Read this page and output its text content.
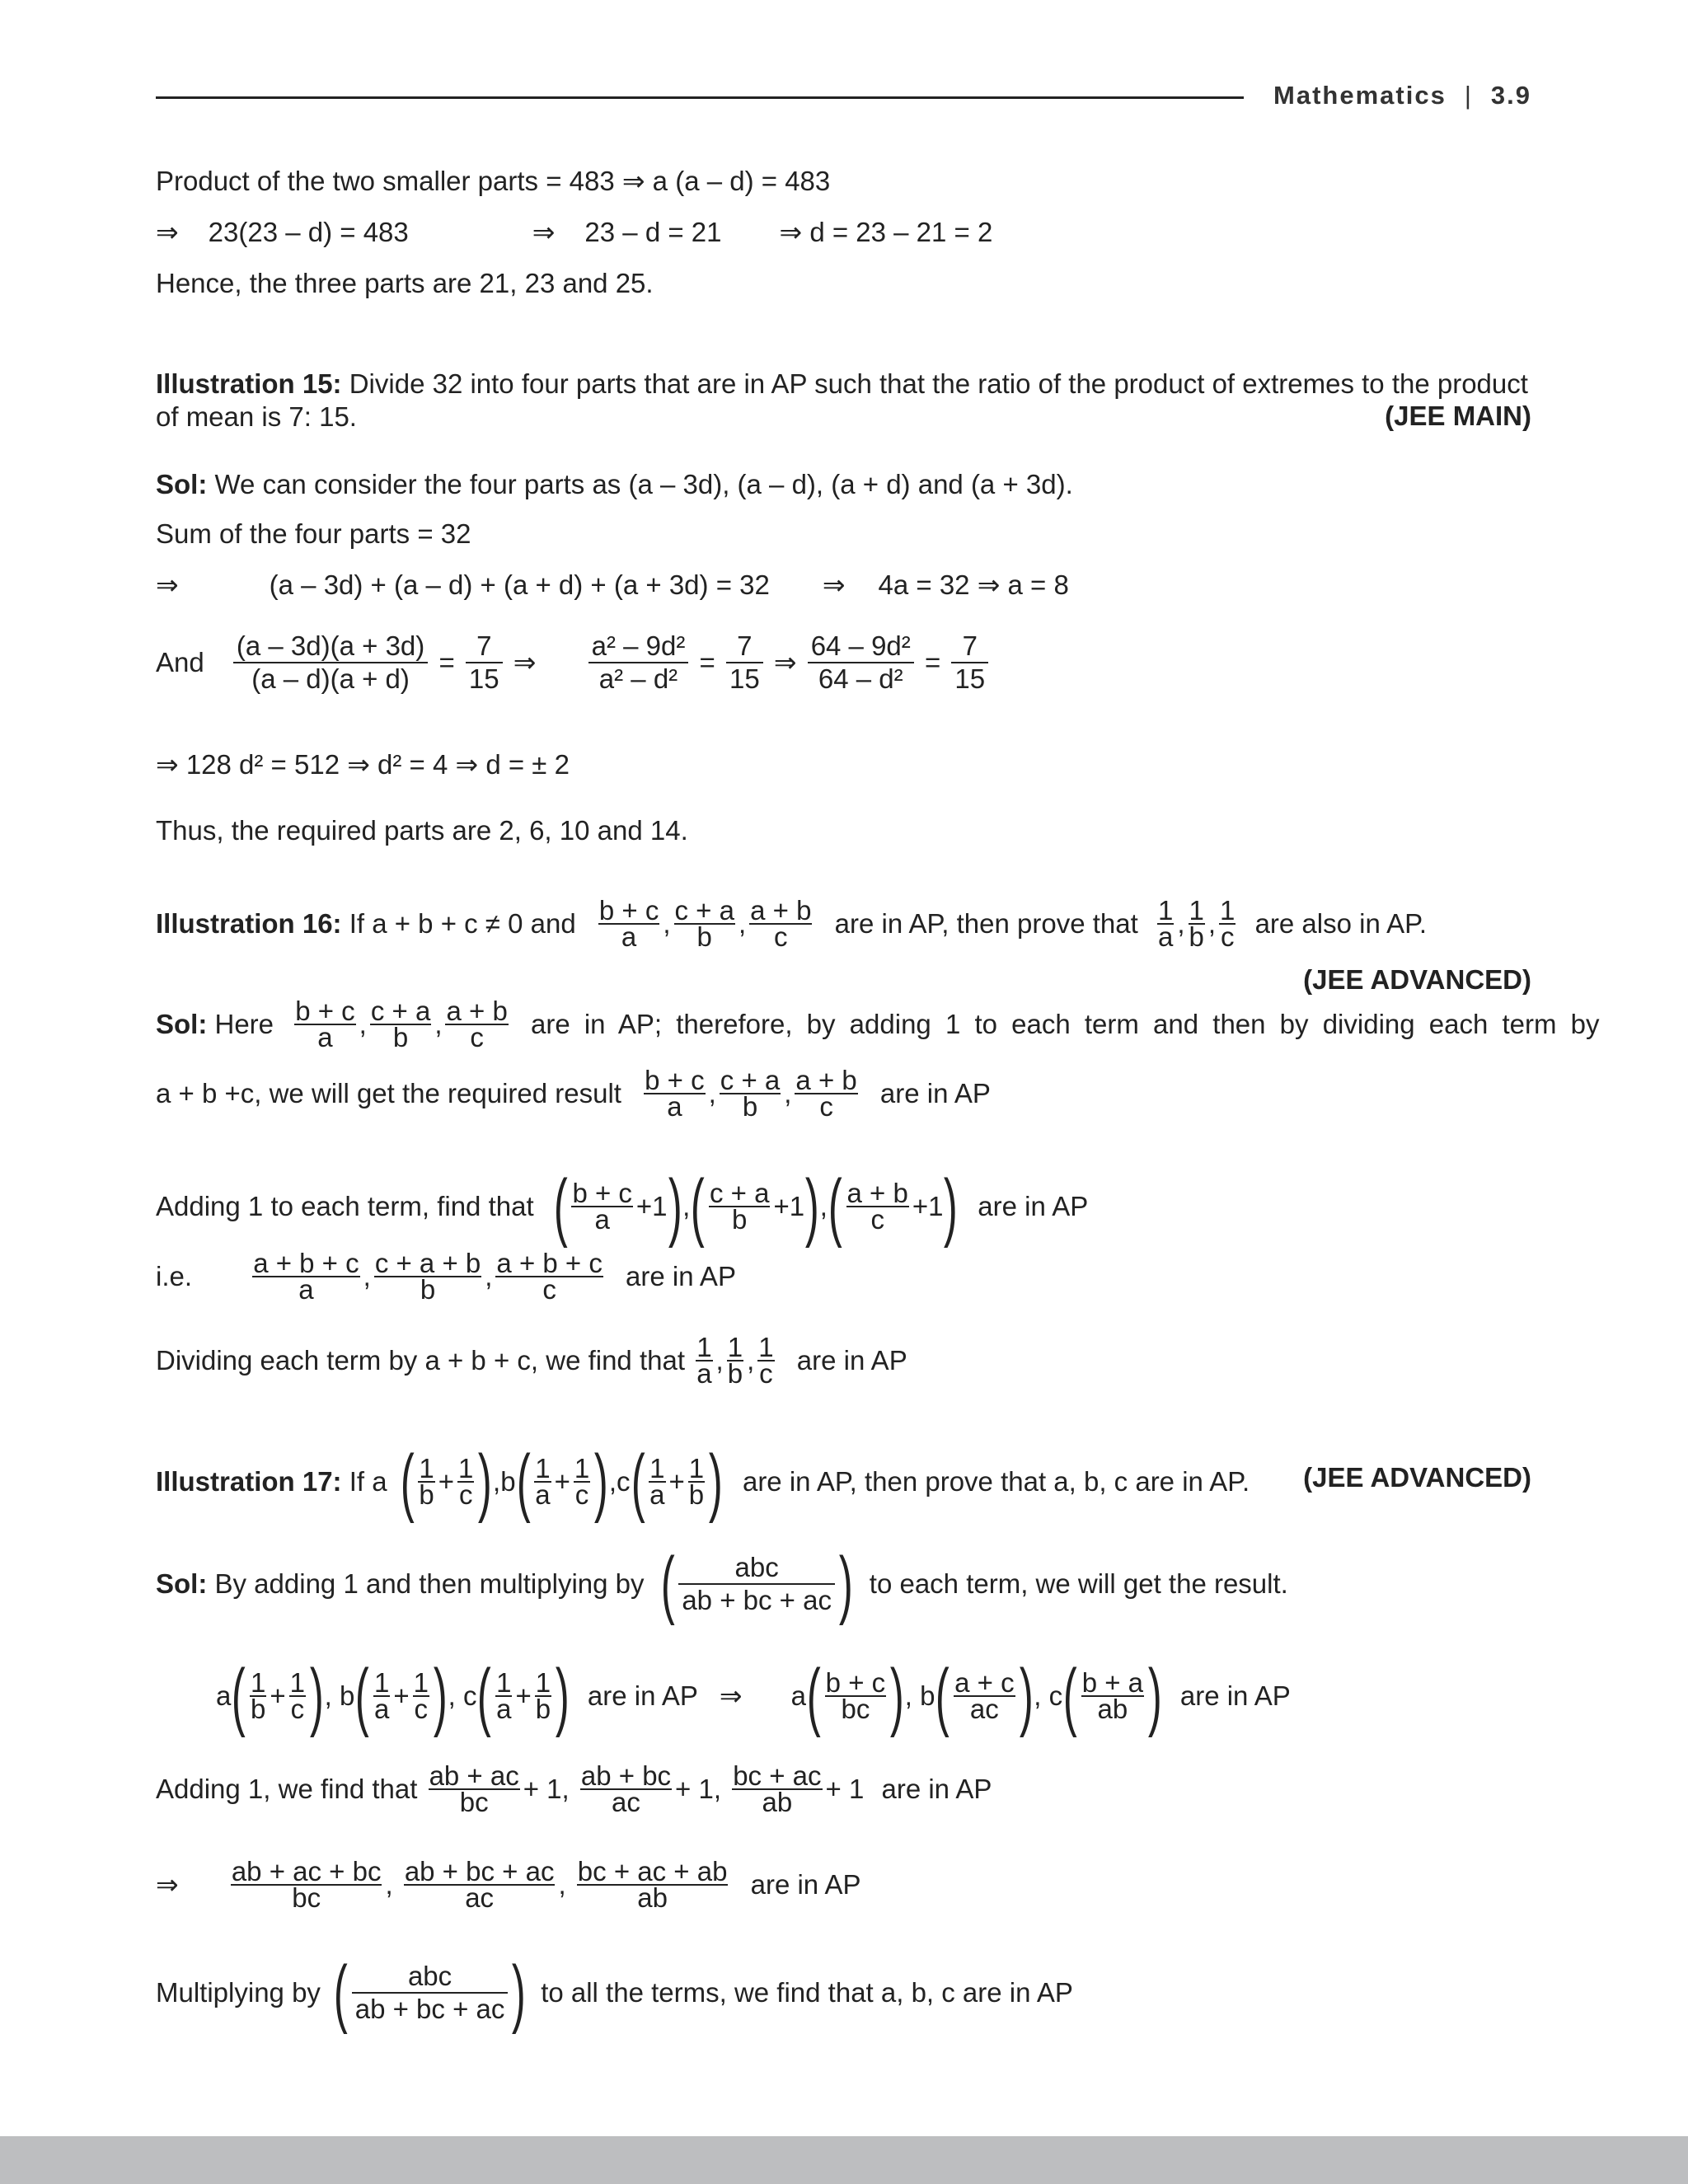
Mathematics | 3.9
Product of the two smaller parts = 483 ⇒ a (a – d) = 483
⇒ 23(23 – d) = 483	⇒ 23 – d = 21 ⇒ d = 23 – 21 = 2
Hence, the three parts are 21, 23 and 25.
Illustration 15: Divide 32 into four parts that are in AP such that the ratio of the product of extremes to the product
of mean is 7: 15.	(JEE MAIN)
Sol: We can consider the four parts as (a – 3d), (a – d), (a + d) and (a + 3d).
Sum of the four parts = 32
⇒	(a – 3d) + (a – d) + (a + d) + (a + 3d) = 32 ⇒ 4a = 32 ⇒ a = 8
And $\frac{(a - 3d)(a + 3d)}{(a - d)(a + d)} = \frac{7}{15}$ ⇒ $\frac{\text{a² – 9d²}}{\text{a² – d²}} = \frac{7}{15}$ ⇒ $\frac{\text{64 – 9d²}}{\text{64 – d²}} = \frac{7}{15}$
⇒ 128 d² = 512 ⇒ d² = 4 ⇒ d = ± 2
Thus, the required parts are 2, 6, 10 and 14.
Illustration 16: If a + b + c ≠ 0 and $\frac{b + c}{a}$ , $\frac{c + a}{b}$ , $\frac{a + b}{c}$ are in AP, then prove that $\frac{1}{a}$ , $\frac{1}{b}$ , $\frac{1}{c}$ are also in AP.
(JEE ADVANCED)
Sol: Here $\frac{b + c}{a}$ , $\frac{c + a}{b}$ , $\frac{a + b}{c}$ are in AP; therefore, by adding 1 to each term and then by dividing each term by
a + b +c, we will get the required result $\frac{b + c}{a}$ , $\frac{c + a}{b}$ , $\frac{a + b}{c}$ are in AP
Adding 1 to each term, find that ( $\frac{b + c}{a} +1),( \frac{c + a}{b} +1),( \frac{a + b}{c} +1)$ are in AP
i.e. $\frac{a + b + c}{a}$ , $\frac{c + a + b}{b}$ , $\frac{a + b + c}{c}$ are in AP
Dividing each term by a + b + c, we find that $\frac{1}{a}$ , $\frac{1}{b}$ , $\frac{1}{c}$ are in AP
Illustration 17: If a ( $\frac{1}{b} + \frac{1}{c} ),b( \frac{1}{a} + \frac{1}{c} ),c( \frac{1}{a} + \frac{1}{b}$ ) are in AP, then prove that a, b, c are in AP. (JEE ADVANCED)
Sol: By adding 1 and then multiplying by ( $\frac{\text{abc}}{ab + bc + ac}$ ) to each term, we will get the result.
$a( \frac{1}{b} + \frac{1}{c}$ ), $b( \frac{1}{a} + \frac{1}{c}$ ), $c( \frac{1}{a} + \frac{1}{b}$ ) are in AP ⇒ $a( \frac{b + c}{bc}$ ), $b( \frac{a + c}{ac}$ ), $c( \frac{b + a}{ab}$ ) are in AP
Adding 1, we find that $\frac{ab + ac}{bc} + 1$, $\frac{ab + bc}{ac} + 1$, $\frac{bc + ac}{ab} + 1$ are in AP
⇒ $\frac{ab + ac + bc}{bc}$ , $\frac{ab + bc + ac}{ac}$ , $\frac{bc + ac + ab}{ab}$ are in AP
Multiplying by ( $\frac{\text{abc}}{ab + bc + ac}$ ) to all the terms, we find that a, b, c are in AP
